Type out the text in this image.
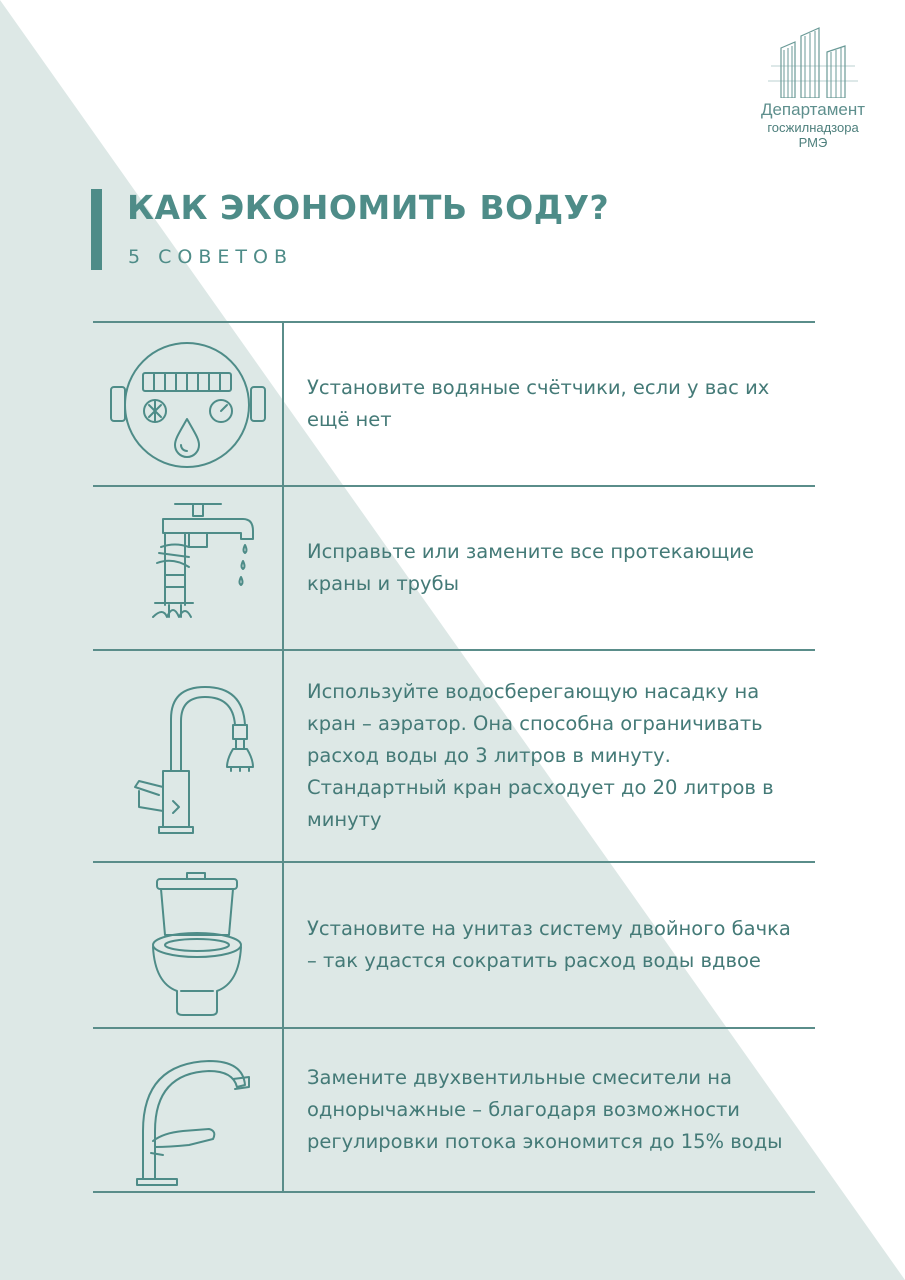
Департамент
госжилнадзора
РМЭ
КАК ЭКОНОМИТЬ ВОДУ?
5 СОВЕТОВ

Установите водяные счётчики, если у вас их ещё нет

Исправьте или замените все протекающие краны и трубы

Используйте водосберегающую насадку на кран – аэратор. Она способна ограничивать расход воды до 3 литров в минуту. Стандартный кран расходует до 20 литров в минуту

Установите на унитаз систему двойного бачка – так удастся сократить расход воды вдвое

Замените двухвентильные смесители на однорычажные – благодаря возможности регулировки потока экономится до 15% воды
